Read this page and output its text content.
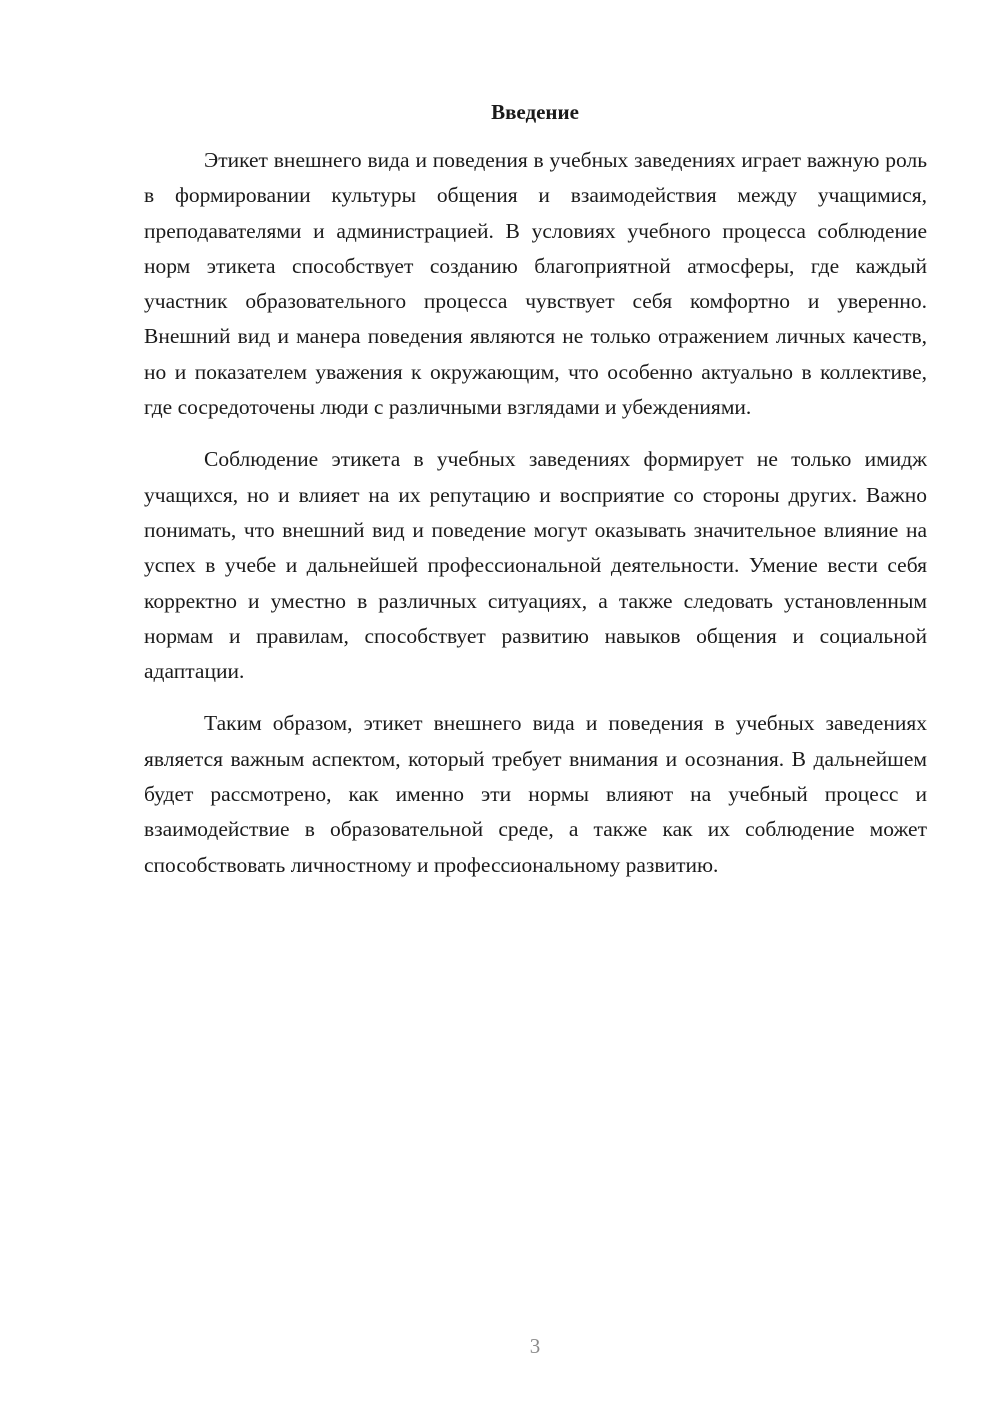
Введение

Этикет внешнего вида и поведения в учебных заведениях играет важную роль в формировании культуры общения и взаимодействия между учащимися, преподавателями и администрацией. В условиях учебного процесса соблюдение норм этикета способствует созданию благоприятной атмосферы, где каждый участник образовательного процесса чувствует себя комфортно и уверенно. Внешний вид и манера поведения являются не только отражением личных качеств, но и показателем уважения к окружающим, что особенно актуально в коллективе, где сосредоточены люди с различными взглядами и убеждениями.

Соблюдение этикета в учебных заведениях формирует не только имидж учащихся, но и влияет на их репутацию и восприятие со стороны других. Важно понимать, что внешний вид и поведение могут оказывать значительное влияние на успех в учебе и дальнейшей профессиональной деятельности. Умение вести себя корректно и уместно в различных ситуациях, а также следовать установленным нормам и правилам, способствует развитию навыков общения и социальной адаптации.

Таким образом, этикет внешнего вида и поведения в учебных заведениях является важным аспектом, который требует внимания и осознания. В дальнейшем будет рассмотрено, как именно эти нормы влияют на учебный процесс и взаимодействие в образовательной среде, а также как их соблюдение может способствовать личностному и профессиональному развитию.

3
